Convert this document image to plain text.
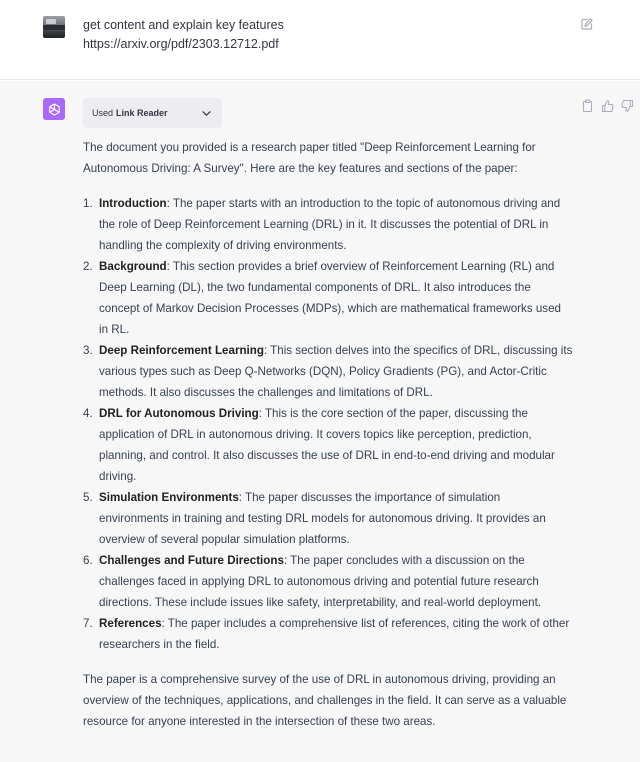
get content and explain key features
https://arxiv.org/pdf/2303.12712.pdf
Used Link Reader

The document you provided is a research paper titled "Deep Reinforcement Learning for Autonomous Driving: A Survey". Here are the key features and sections of the paper:

1. Introduction: The paper starts with an introduction to the topic of autonomous driving and the role of Deep Reinforcement Learning (DRL) in it. It discusses the potential of DRL in handling the complexity of driving environments.
2. Background: This section provides a brief overview of Reinforcement Learning (RL) and Deep Learning (DL), the two fundamental components of DRL. It also introduces the concept of Markov Decision Processes (MDPs), which are mathematical frameworks used in RL.
3. Deep Reinforcement Learning: This section delves into the specifics of DRL, discussing its various types such as Deep Q-Networks (DQN), Policy Gradients (PG), and Actor-Critic methods. It also discusses the challenges and limitations of DRL.
4. DRL for Autonomous Driving: This is the core section of the paper, discussing the application of DRL in autonomous driving. It covers topics like perception, prediction, planning, and control. It also discusses the use of DRL in end-to-end driving and modular driving.
5. Simulation Environments: The paper discusses the importance of simulation environments in training and testing DRL models for autonomous driving. It provides an overview of several popular simulation platforms.
6. Challenges and Future Directions: The paper concludes with a discussion on the challenges faced in applying DRL to autonomous driving and potential future research directions. These include issues like safety, interpretability, and real-world deployment.
7. References: The paper includes a comprehensive list of references, citing the work of other researchers in the field.

The paper is a comprehensive survey of the use of DRL in autonomous driving, providing an overview of the techniques, applications, and challenges in the field. It can serve as a valuable resource for anyone interested in the intersection of these two areas.
